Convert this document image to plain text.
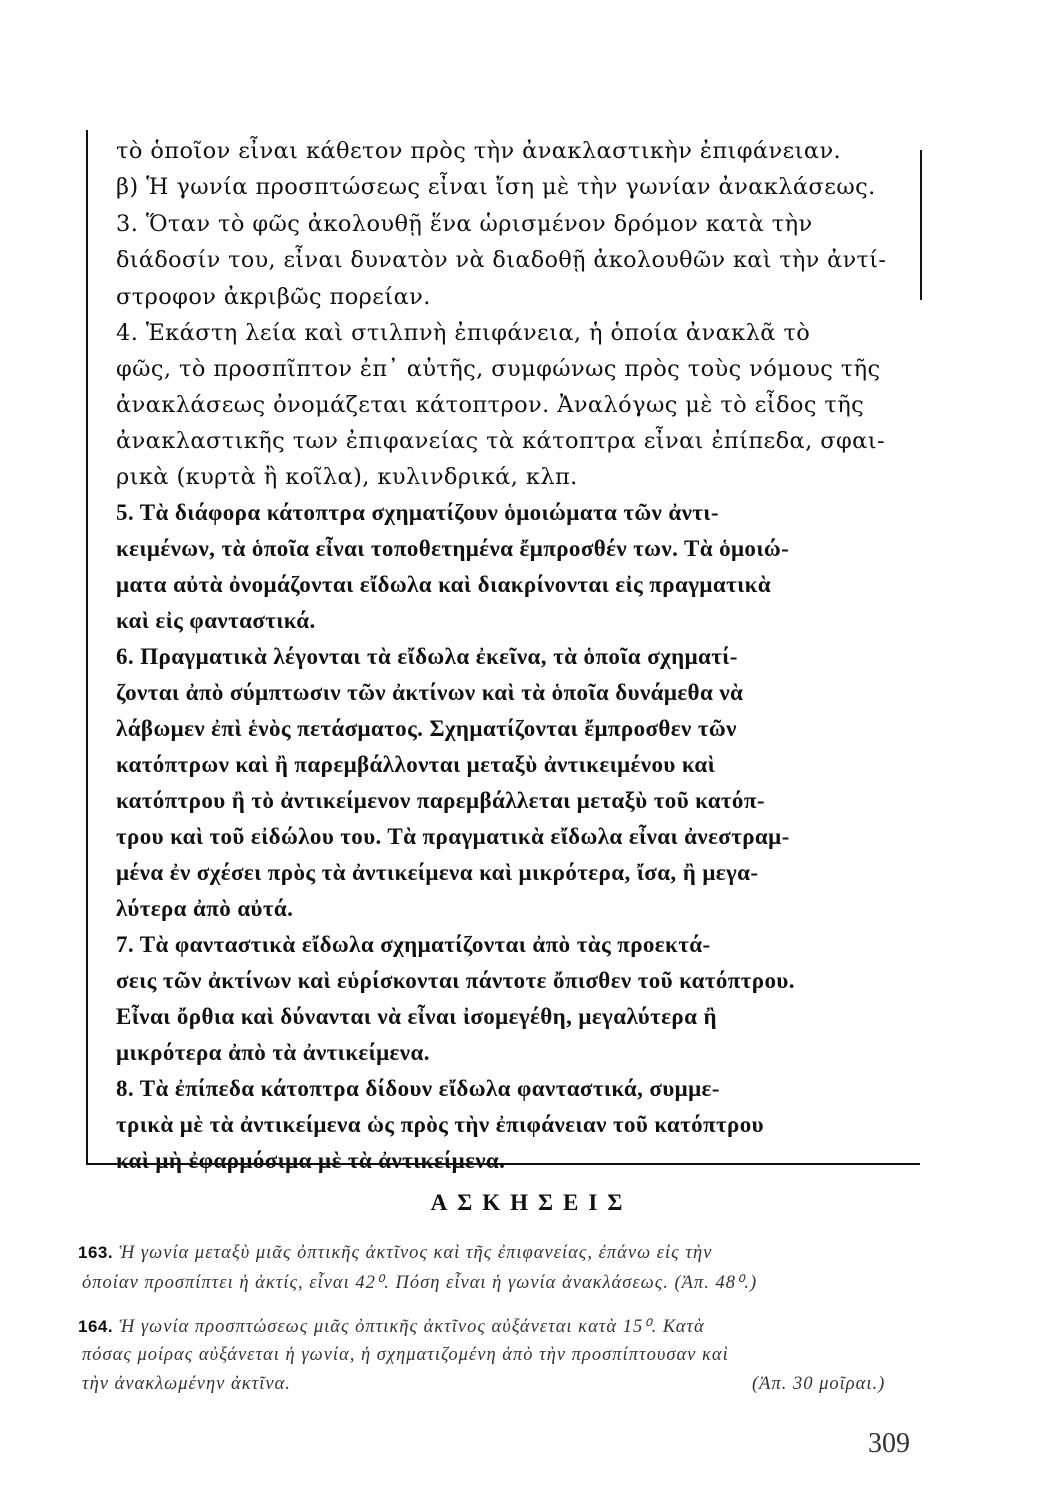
τὸ ὁποῖον εἶναι κάθετον πρὸς τὴν ἀνακλαστικὴν ἐπιφάνειαν.
β) Ἡ γωνία προσπτώσεως εἶναι ἴση μὲ τὴν γωνίαν ἀνακλάσεως.
3. Ὅταν τὸ φῶς ἀκολουθῇ ἕνα ὡρισμένον δρόμον κατὰ τὴν
διάδοσίν του, εἶναι δυνατὸν νὰ διαδοθῇ ἀκολουθῶν καὶ τὴν ἀντί-
στροφον ἀκριβῶς πορείαν.
4. Ἑκάστη λεία καὶ στιλπνὴ ἐπιφάνεια, ἡ ὁποία ἀνακλᾶ τὸ
φῶς, τὸ προσπῖπτον ἐπ᾽ αὐτῆς, συμφώνως πρὸς τοὺς νόμους τῆς
ἀνακλάσεως ὀνομάζεται κάτοπτρον. Ἀναλόγως μὲ τὸ εἶδος τῆς
ἀνακλαστικῆς των ἐπιφανείας τὰ κάτοπτρα εἶναι ἐπίπεδα, σφαι-
ρικὰ (κυρτὰ ἢ κοῖλα), κυλινδρικά, κλπ.
5. Τὰ διάφορα κάτοπτρα σχηματίζουν ὁμοιώματα τῶν ἀντι-
κειμένων, τὰ ὁποῖα εἶναι τοποθετημένα ἔμπροσθέν των. Τὰ ὁμοιώ-
ματα αὐτὰ ὀνομάζονται εἴδωλα καὶ διακρίνονται εἰς πραγματικὰ
καὶ εἰς φανταστικά.
6. Πραγματικὰ λέγονται τὰ εἴδωλα ἐκεῖνα, τὰ ὁποῖα σχηματί-
ζονται ἀπὸ σύμπτωσιν τῶν ἀκτίνων καὶ τὰ ὁποῖα δυνάμεθα νὰ
λάβωμεν ἐπὶ ἑνὸς πετάσματος. Σχηματίζονται ἔμπροσθεν τῶν
κατόπτρων καὶ ἢ παρεμβάλλονται μεταξὺ ἀντικειμένου καὶ
κατόπτρου ἢ τὸ ἀντικείμενον παρεμβάλλεται μεταξὺ τοῦ κατόπ-
τρου καὶ τοῦ εἰδώλου του. Τὰ πραγματικὰ εἴδωλα εἶναι ἀνεστραμ-
μένα ἐν σχέσει πρὸς τὰ ἀντικείμενα καὶ μικρότερα, ἴσα, ἢ μεγα-
λύτερα ἀπὸ αὐτά.
7. Τὰ φανταστικὰ εἴδωλα σχηματίζονται ἀπὸ τὰς προεκτά-
σεις τῶν ἀκτίνων καὶ εὑρίσκονται πάντοτε ὄπισθεν τοῦ κατόπτρου.
Εἶναι ὄρθια καὶ δύνανται νὰ εἶναι ἰσομεγέθη, μεγαλύτερα ἢ
μικρότερα ἀπὸ τὰ ἀντικείμενα.
8. Τὰ ἐπίπεδα κάτοπτρα δίδουν εἴδωλα φανταστικά, συμμε-
τρικὰ μὲ τὰ ἀντικείμενα ὡς πρὸς τὴν ἐπιφάνειαν τοῦ κατόπτρου
καὶ μὴ ἐφαρμόσιμα μὲ τὰ ἀντικείμενα.
ΑΣΚΗΣΕΙΣ
163. Ἡ γωνία μεταξὺ μιᾶς ὀπτικῆς ἀκτῖνος καὶ τῆς ἐπιφανείας, ἐπάνω εἰς τὴν
ὁποίαν προσπίπτει ἡ ἀκτίς, εἶναι 42⁰. Πόση εἶναι ἡ γωνία ἀνακλάσεως. (Ἀπ. 48⁰.)
164. Ἡ γωνία προσπτώσεως μιᾶς ὀπτικῆς ἀκτῖνος αὐξάνεται κατὰ 15⁰. Κατὰ
πόσας μοίρας αὐξάνεται ἡ γωνία, ἡ σχηματιζομένη ἀπὸ τὴν προσπίπτουσαν καὶ
τὴν ἀνακλωμένην ἀκτῖνα.	(Ἀπ. 30 μοῖραι.)
309
